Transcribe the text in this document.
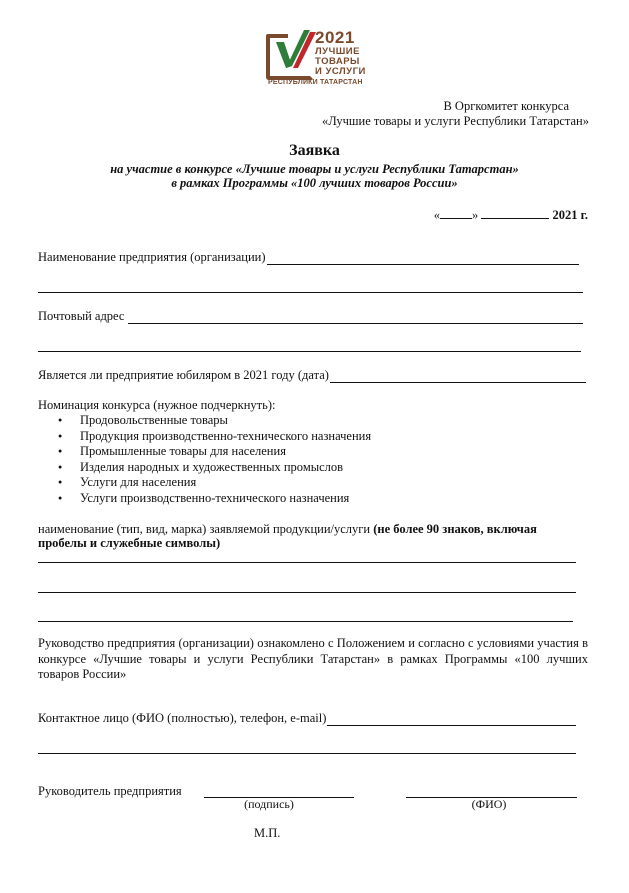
2021
ЛУЧШИЕ
ТОВАРЫ
И УСЛУГИ
РЕСПУБЛИКИ ТАТАРСТАН
В Оргкомитет конкурса
«Лучшие товары и услуги Республики Татарстан»
Заявка
на участие в конкурсе «Лучшие товары и услуги Республики Татарстан»
в рамках Программы «100 лучших товаров России»
«	»	2021 г.
Наименование предприятия (организации)
Почтовый адрес
Является ли предприятие юбиляром в 2021 году (дата)
Номинация конкурса (нужное подчеркнуть):
● Продовольственные товары
● Продукция производственно-технического назначения
● Промышленные товары для населения
● Изделия народных и художественных промыслов
● Услуги для населения
● Услуги производственно-технического назначения
наименование (тип, вид, марка) заявляемой продукции/услуги (не более 90 знаков, включая пробелы и служебные символы)
Руководство предприятия (организации) ознакомлено с Положением и согласно с условиями участия в конкурсе «Лучшие товары и услуги Республики Татарстан» в рамках Программы «100 лучших товаров России»
Контактное лицо (ФИО (полностью), телефон, e-mail)
Руководитель предприятия
(подпись)	(ФИО)
М.П.
